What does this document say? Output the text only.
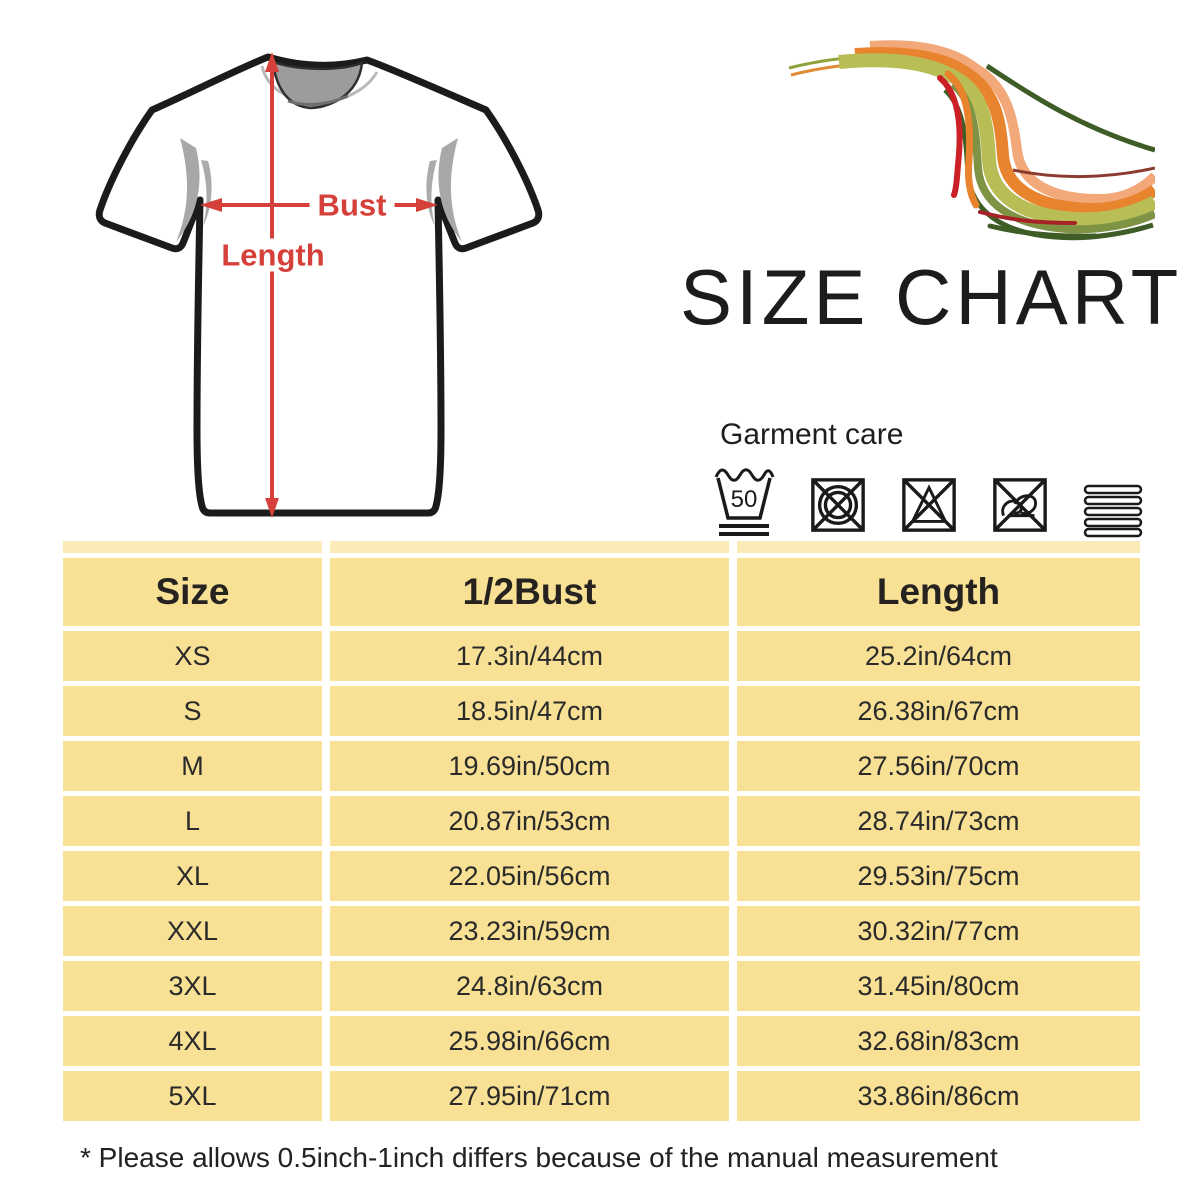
Bust
Length	SIZE CHART
Garment care
50
Size	1/2Bust	Length
XS	17.3in/44cm	25.2in/64cm
S	18.5in/47cm	26.38in/67cm
M	19.69in/50cm	27.56in/70cm
L	20.87in/53cm	28.74in/73cm
XL	22.05in/56cm	29.53in/75cm
XXL	23.23in/59cm	30.32in/77cm
3XL	24.8in/63cm	31.45in/80cm
4XL	25.98in/66cm	32.68in/83cm
5XL	27.95in/71cm	33.86in/86cm
* Please allows 0.5inch-1inch differs because of the manual measurement
